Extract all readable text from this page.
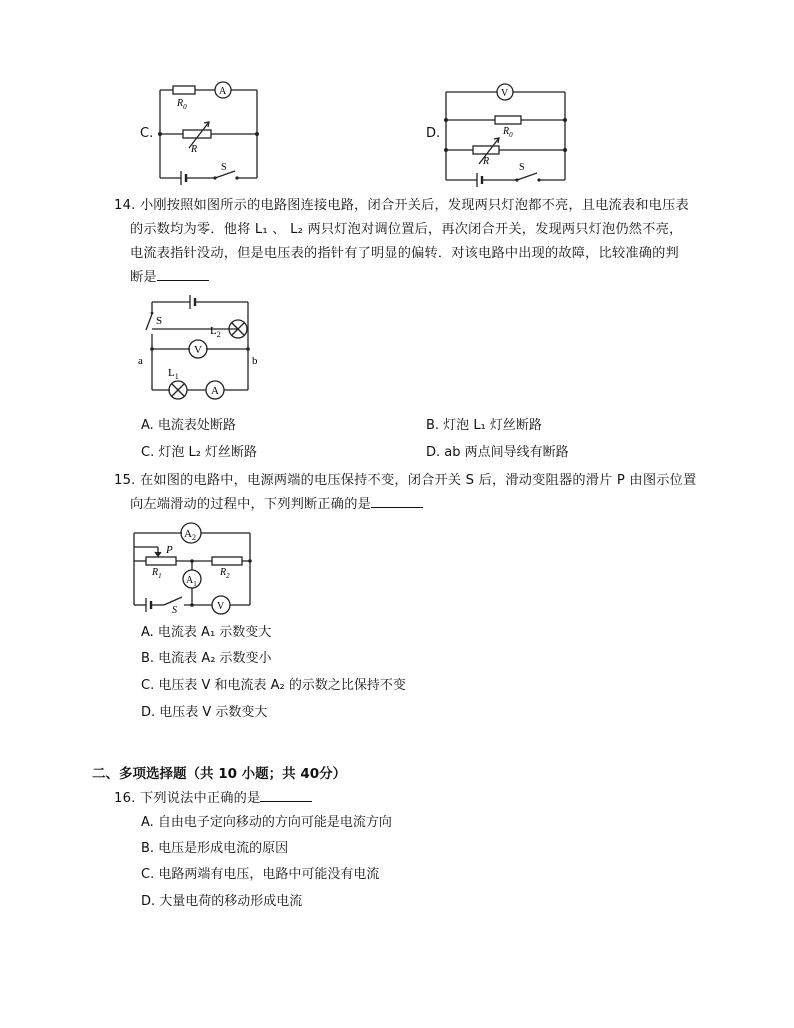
C.
A
$R_0$
R
S
D.
V
$R_0$
R
S
14. 小刚按照如图所示的电路图连接电路，闭合开关后，发现两只灯泡都不亮，且电流表和电压表
的示数均为零．他将 L₁ 、 L₂ 两只灯泡对调位置后，再次闭合开关，发现两只灯泡仍然不亮，
电流表指针没动，但是电压表的指针有了明显的偏转．对该电路中出现的故障，比较准确的判
断是
S
$L_2$
V
a	b
$L_1$
A
A. 电流表处断路	B. 灯泡 L₁ 灯丝断路
C. 灯泡 L₂ 灯丝断路	D. ab 两点间导线有断路
15. 在如图的电路中，电源两端的电压保持不变，闭合开关 S 后，滑动变阻器的滑片 P 由图示位置
向左端滑动的过程中，下列判断正确的是
$A_2$
P
$R_1$	$R_2$
$A_1$
S	V
A. 电流表 A₁ 示数变大
B. 电流表 A₂ 示数变小
C. 电压表 V 和电流表 A₂ 的示数之比保持不变
D. 电压表 V 示数变大
二、多项选择题（共 10 小题；共 40分）
16. 下列说法中正确的是
A. 自由电子定向移动的方向可能是电流方向
B. 电压是形成电流的原因
C. 电路两端有电压，电路中可能没有电流
D. 大量电荷的移动形成电流
